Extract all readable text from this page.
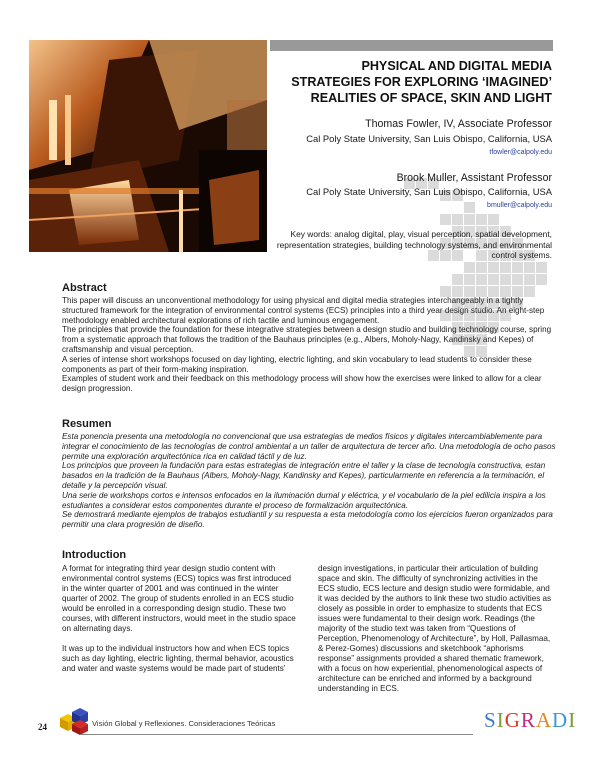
PHYSICAL AND DIGITAL MEDIA
STRATEGIES FOR EXPLORING ‘IMAGINED’
REALITIES OF SPACE, SKIN AND LIGHT
Thomas Fowler, IV, Associate Professor
Cal Poly State University, San Luis Obispo, California, USA
tfowler@calpoly.edu
Brook Muller, Assistant Professor
Cal Poly State University, San Luis Obispo, California, USA
bmuller@calpoly.edu
Key words: analog digital, play, visual perception, spatial development,
representation strategies, building technology systems, and environmental
control systems.
Abstract

This paper will discuss an unconventional methodology for using physical and digital media strategies interchangeably in a tightly structured framework for the integration of environmental control systems (ECS) principles into a third year design studio. An eight-step methodology enabled architectural explorations of rich tactile and luminous engagement.

The principles that provide the foundation for these integrative strategies between a design studio and building technology course, spring from a systematic approach that follows the tradition of the Bauhaus principles (e.g., Albers, Moholy-Nagy, Kandinsky and Kepes) of craftsmanship and visual perception.

A series of intense short workshops focused on day lighting, electric lighting, and skin vocabulary to lead students to consider these components as part of their form-making inspiration.

Examples of student work and their feedback on this methodology process will show how the exercises were linked to allow for a clear design progression.

Resumen

Esta ponencia presenta una metodología no convencional que usa estrategias de medios físicos y digitales intercambiablemente para integrar el conocimiento de las tecnologías de control ambiental a un taller de arquitectura de tercer año. Una metodología de ocho pasos permite una exploración arquitectónica rica en calidad táctil y de luz.

Los principios que proveen la fundación para estas estrategias de integración entre el taller y la clase de tecnología constructiva, estan basados en la tradición de la Bauhaus (Albers, Moholy-Nagy, Kandinsky and Kepes), particularmente en referencia a la terminación, el detalle y la percepción visual.

Una serie de workshops cortos e intensos enfocados en la iluminación durnal y eléctrica, y el vocabulario de la piel edilicia inspira a los estudiantes a considerar estos componentes durante el proceso de formalización arquitectónica.

Se demostrará mediante ejemplos de trabajos estudiantil y su respuesta a esta metodología como los ejercicios fueron organizados para permitir una clara progresión de diseño.

Introduction

A format for integrating third year design studio content with environmental control systems (ECS) topics was first introduced in the winter quarter of 2001 and was continued in the winter quarter of 2002. The group of students enrolled in an ECS studio would be enrolled in a corresponding design studio. These two courses, with different instructors, would meet in the studio space on alternating days.

It was up to the individual instructors how and when ECS topics such as day lighting, electric lighting, thermal behavior, acoustics and water and waste systems would be made part of students’

design investigations, in particular their articulation of building space and skin. The difficulty of synchronizing activities in the ECS studio, ECS lecture and design studio were formidable, and it was decided by the authors to link these two studio activities as closely as possible in order to emphasize to students that ECS issues were fundamental to their design work. Readings (the majority of the studio text was taken from “Questions of Perception, Phenomenology of Architecture”, by Holl, Pallasmaa, & Perez-Gomes) discussions and sketchbook “aphorisms response” assignments provided a shared thematic framework, with a focus on how experiential, phenomenological aspects of architecture can be enriched and informed by a background understanding in ECS.

24	Visión Global y Reflexiones. Consideraciones Teóricas	SIGRADI
